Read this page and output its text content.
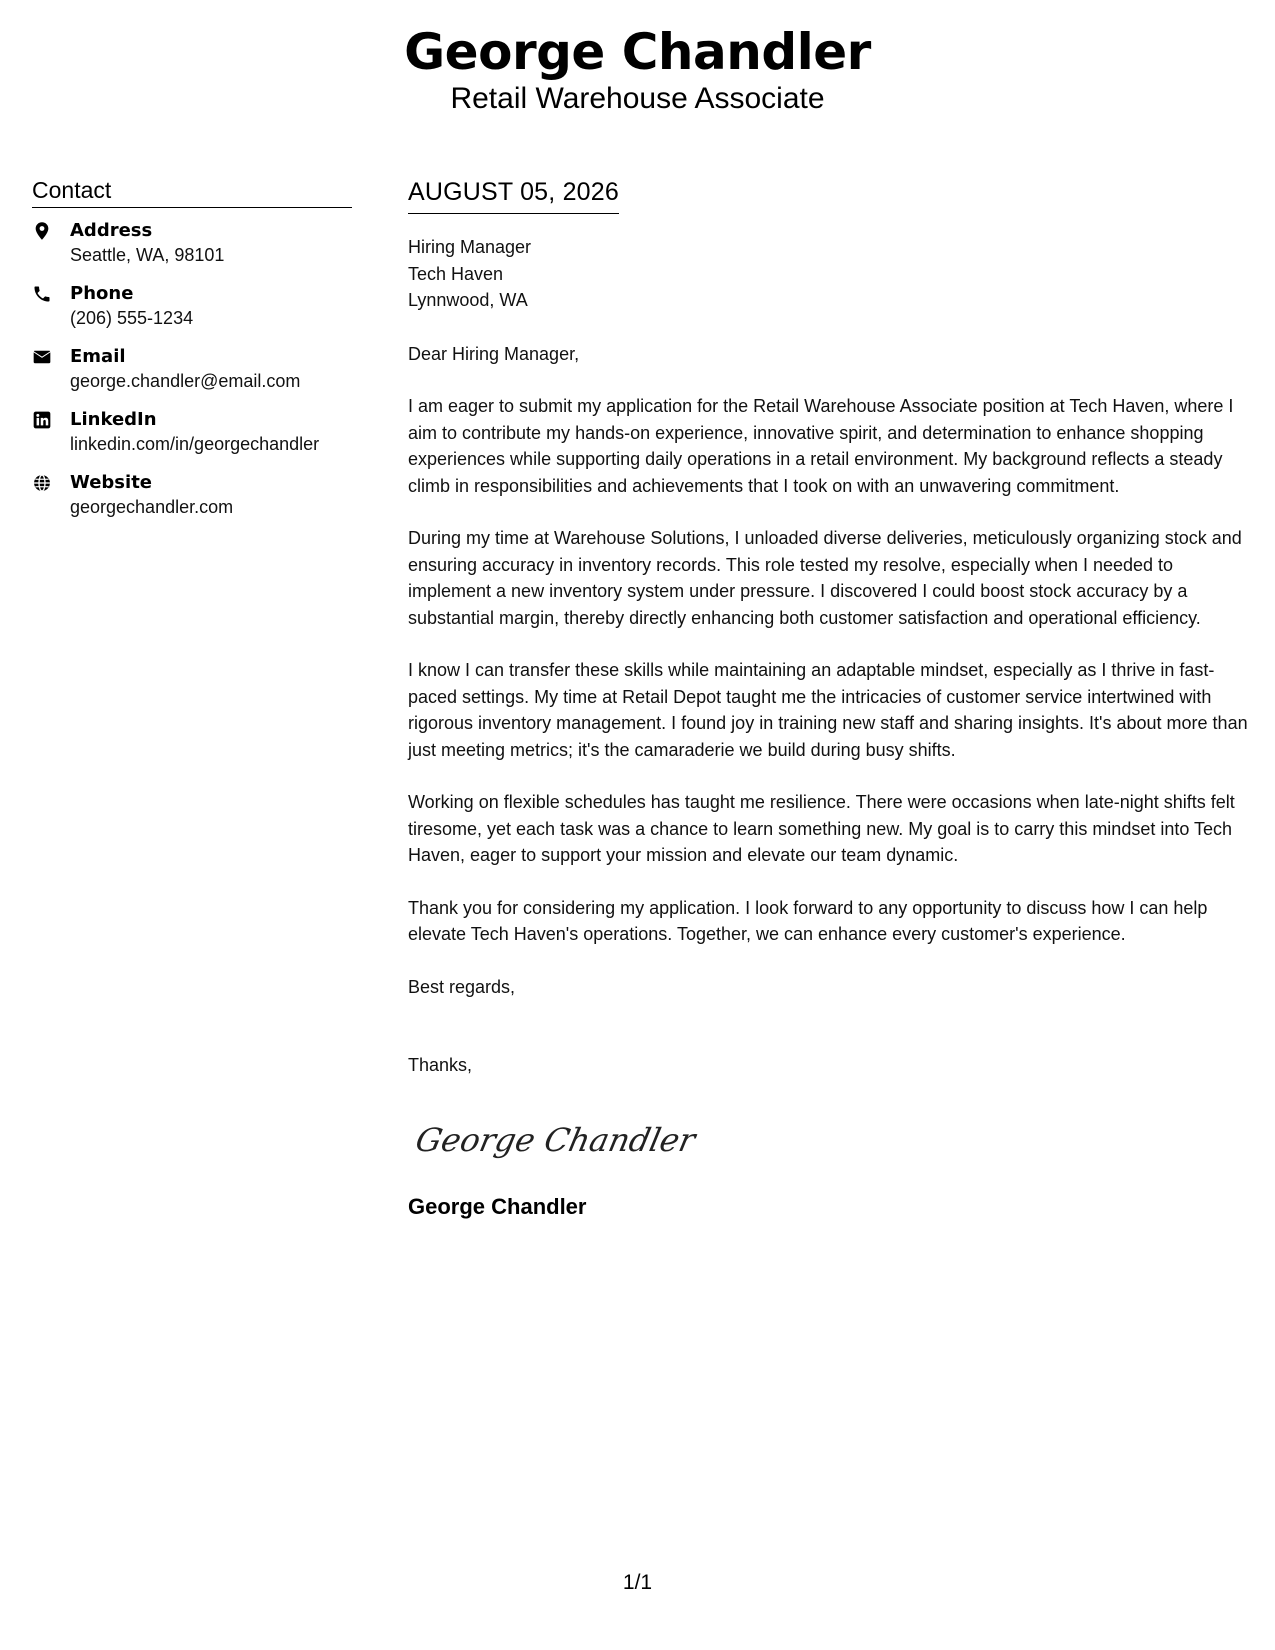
George Chandler
Retail Warehouse Associate
Contact
Address
Seattle, WA, 98101
Phone
(206) 555-1234
Email
george.chandler@email.com
LinkedIn
linkedin.com/in/georgechandler
Website
georgechandler.com
AUGUST 05, 2026
Hiring Manager
Tech Haven
Lynnwood, WA

Dear Hiring Manager,

I am eager to submit my application for the Retail Warehouse Associate position at Tech Haven, where I aim to contribute my hands-on experience, innovative spirit, and determination to enhance shopping experiences while supporting daily operations in a retail environment. My background reflects a steady climb in responsibilities and achievements that I took on with an unwavering commitment.

During my time at Warehouse Solutions, I unloaded diverse deliveries, meticulously organizing stock and ensuring accuracy in inventory records. This role tested my resolve, especially when I needed to implement a new inventory system under pressure. I discovered I could boost stock accuracy by a substantial margin, thereby directly enhancing both customer satisfaction and operational efficiency.

I know I can transfer these skills while maintaining an adaptable mindset, especially as I thrive in fast-paced settings. My time at Retail Depot taught me the intricacies of customer service intertwined with rigorous inventory management. I found joy in training new staff and sharing insights. It's about more than just meeting metrics; it's the camaraderie we build during busy shifts.

Working on flexible schedules has taught me resilience. There were occasions when late-night shifts felt tiresome, yet each task was a chance to learn something new. My goal is to carry this mindset into Tech Haven, eager to support your mission and elevate our team dynamic.

Thank you for considering my application. I look forward to any opportunity to discuss how I can help elevate Tech Haven's operations. Together, we can enhance every customer's experience.

Best regards,

Thanks,

George Chandler
George Chandler
1/1
